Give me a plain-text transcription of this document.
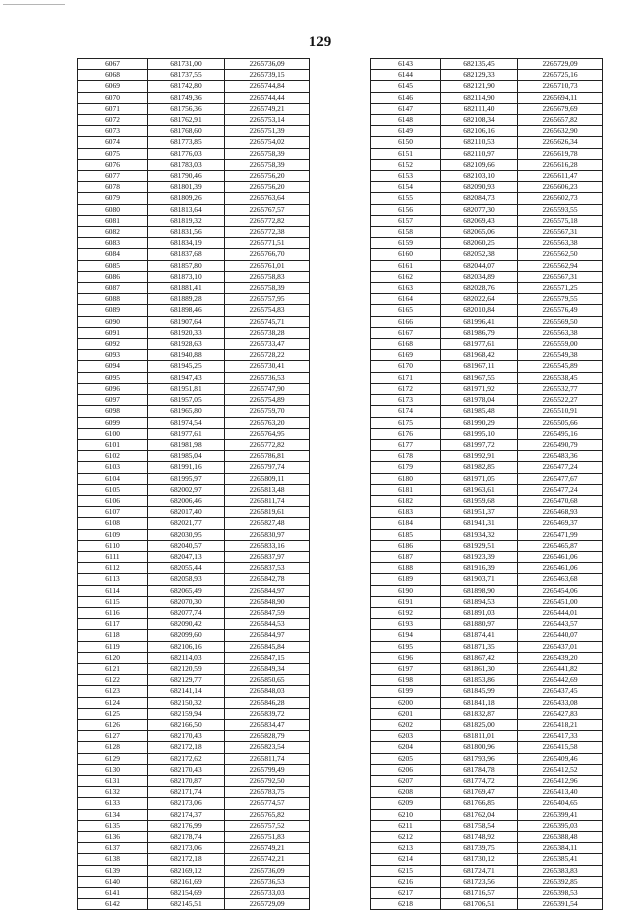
129
6067	681731,00	2265736,09
6068	681737,55	2265739,15
6069	681742,80	2265744,84
6070	681749,36	2265744,44
6071	681756,36	2265749,21
6072	681762,91	2265753,14
6073	681768,60	2265751,39
6074	681773,85	2265754,02
6075	681776,03	2265758,39
6076	681783,03	2265758,39
6077	681790,46	2265756,20
6078	681801,39	2265756,20
6079	681809,26	2265763,64
6080	681813,64	2265767,57
6081	681819,32	2265772,82
6082	681831,56	2265772,38
6083	681834,19	2265771,51
6084	681837,68	2265766,70
6085	681857,80	2265761,01
6086	681873,10	2265758,83
6087	681881,41	2265758,39
6088	681889,28	2265757,95
6089	681898,46	2265754,83
6090	681907,64	2265745,71
6091	681920,33	2265738,28
6092	681928,63	2265733,47
6093	681940,88	2265728,22
6094	681945,25	2265730,41
6095	681947,43	2265736,53
6096	681951,81	2265747,90
6097	681957,05	2265754,89
6098	681965,80	2265759,70
6099	681974,54	2265763,20
6100	681977,61	2265764,95
6101	681981,98	2265772,82
6102	681985,04	2265786,81
6103	681991,16	2265797,74
6104	681995,97	2265809,11
6105	682002,97	2265813,48
6106	682006,46	2265811,74
6107	682017,40	2265819,61
6108	682021,77	2265827,48
6109	682030,95	2265830,97
6110	682040,57	2265833,16
6111	682047,13	2265837,97
6112	682055,44	2265837,53
6113	682058,93	2265842,78
6114	682065,49	2265844,97
6115	682070,30	2265848,90
6116	682077,74	2265847,59
6117	682090,42	2265844,53
6118	682099,60	2265844,97
6119	682106,16	2265845,84
6120	682114,03	2265847,15
6121	682120,59	2265849,34
6122	682129,77	2265850,65
6123	682141,14	2265848,03
6124	682150,32	2265846,28
6125	682159,94	2265839,72
6126	682166,50	2265834,47
6127	682170,43	2265828,79
6128	682172,18	2265823,54
6129	682172,62	2265811,74
6130	682170,43	2265799,49
6131	682170,87	2265792,50
6132	682171,74	2265783,75
6133	682173,06	2265774,57
6134	682174,37	2265765,82
6135	682176,99	2265757,52
6136	682178,74	2265751,83
6137	682173,06	2265749,21
6138	682172,18	2265742,21
6139	682169,12	2265736,09
6140	682161,69	2265736,53
6141	682154,69	2265733,03
6142	682145,51	2265729,09
6143	682135,45	2265729,09
6144	682129,33	2265725,16
6145	682121,90	2265710,73
6146	682114,90	2265694,11
6147	682111,40	2265679,69
6148	682108,34	2265657,82
6149	682106,16	2265632,90
6150	682110,53	2265626,34
6151	682110,97	2265619,78
6152	682109,66	2265616,28
6153	682103,10	2265611,47
6154	682090,93	2265606,23
6155	682084,73	2265602,73
6156	682077,30	2265593,55
6157	682069,43	2265575,18
6158	682065,06	2265567,31
6159	682060,25	2265563,38
6160	682052,38	2265562,50
6161	682044,07	2265562,94
6162	682034,89	2265567,31
6163	682028,76	2265571,25
6164	682022,64	2265579,55
6165	682010,84	2265576,49
6166	681996,41	2265569,50
6167	681986,79	2265563,38
6168	681977,61	2265559,00
6169	681968,42	2265549,38
6170	681967,11	2265545,89
6171	681967,55	2265538,45
6172	681971,92	2265532,77
6173	681978,04	2265522,27
6174	681985,48	2265510,91
6175	681990,29	2265505,66
6176	681995,10	2265495,16
6177	681997,72	2265490,79
6178	681992,91	2265483,36
6179	681982,85	2265477,24
6180	681971,05	2265477,67
6181	681963,61	2265477,24
6182	681959,68	2265470,68
6183	681951,37	2265468,93
6184	681941,31	2265469,37
6185	681934,32	2265471,99
6186	681929,51	2265465,87
6187	681923,39	2265461,06
6188	681916,39	2265461,06
6189	681903,71	2265463,68
6190	681898,90	2265454,06
6191	681894,53	2265451,00
6192	681891,03	2265444,01
6193	681880,97	2265443,57
6194	681874,41	2265440,07
6195	681871,35	2265437,01
6196	681867,42	2265439,20
6197	681861,30	2265441,82
6198	681853,86	2265442,69
6199	681845,99	2265437,45
6200	681841,18	2265433,08
6201	681832,87	2265427,83
6202	681825,00	2265418,21
6203	681811,01	2265417,33
6204	681800,96	2265415,58
6205	681793,96	2265409,46
6206	681784,78	2265412,52
6207	681774,72	2265412,96
6208	681769,47	2265413,40
6209	681766,85	2265404,65
6210	681762,04	2265399,41
6211	681758,54	2265395,03
6212	681748,92	2265388,48
6213	681739,75	2265384,11
6214	681730,12	2265385,41
6215	681724,71	2265383,83
6216	681723,56	2265392,85
6217	681716,57	2265398,53
6218	681706,51	2265391,54
